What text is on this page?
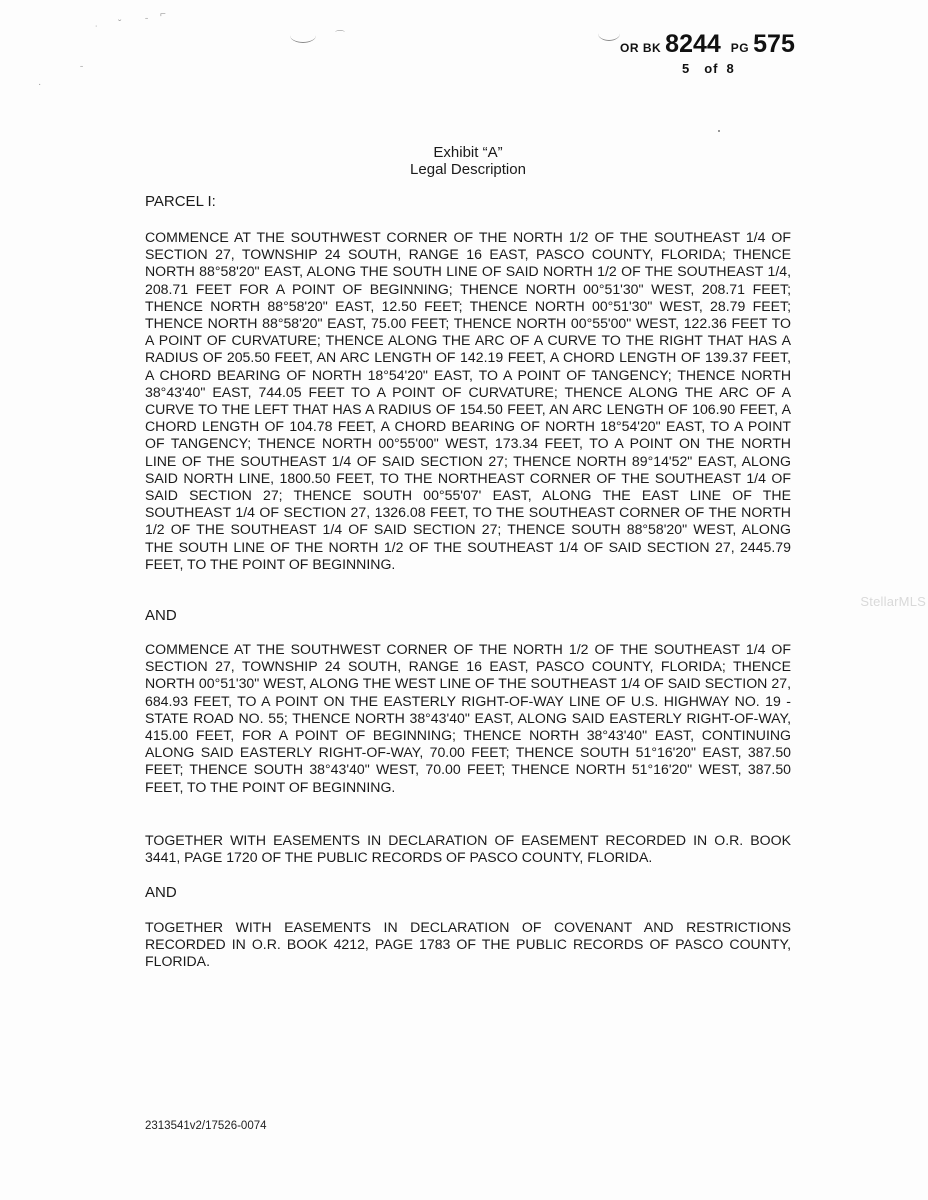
˙
ˇ ˉ
⌐
⌒
ˉ
·
OR BK 8244 PG 575
5 of 8
Exhibit “A”
Legal Description
PARCEL I:
COMMENCE AT THE SOUTHWEST CORNER OF THE NORTH 1/2 OF THE SOUTHEAST 1/4 OF SECTION 27, TOWNSHIP 24 SOUTH, RANGE 16 EAST, PASCO COUNTY, FLORIDA; THENCE NORTH 88°58'20" EAST, ALONG THE SOUTH LINE OF SAID NORTH 1/2 OF THE SOUTHEAST 1/4, 208.71 FEET FOR A POINT OF BEGINNING; THENCE NORTH 00°51'30" WEST, 208.71 FEET; THENCE NORTH 88°58'20" EAST, 12.50 FEET; THENCE NORTH 00°51'30" WEST, 28.79 FEET; THENCE NORTH 88°58'20" EAST, 75.00 FEET; THENCE NORTH 00°55'00" WEST, 122.36 FEET TO A POINT OF CURVATURE; THENCE ALONG THE ARC OF A CURVE TO THE RIGHT THAT HAS A RADIUS OF 205.50 FEET, AN ARC LENGTH OF 142.19 FEET, A CHORD LENGTH OF 139.37 FEET, A CHORD BEARING OF NORTH 18°54'20" EAST, TO A POINT OF TANGENCY; THENCE NORTH 38°43'40" EAST, 744.05 FEET TO A POINT OF CURVATURE; THENCE ALONG THE ARC OF A CURVE TO THE LEFT THAT HAS A RADIUS OF 154.50 FEET, AN ARC LENGTH OF 106.90 FEET, A CHORD LENGTH OF 104.78 FEET, A CHORD BEARING OF NORTH 18°54'20" EAST, TO A POINT OF TANGENCY; THENCE NORTH 00°55'00" WEST, 173.34 FEET, TO A POINT ON THE NORTH LINE OF THE SOUTHEAST 1/4 OF SAID SECTION 27; THENCE NORTH 89°14'52" EAST, ALONG SAID NORTH LINE, 1800.50 FEET, TO THE NORTHEAST CORNER OF THE SOUTHEAST 1/4 OF SAID SECTION 27; THENCE SOUTH 00°55'07' EAST, ALONG THE EAST LINE OF THE SOUTHEAST 1/4 OF SECTION 27, 1326.08 FEET, TO THE SOUTHEAST CORNER OF THE NORTH 1/2 OF THE SOUTHEAST 1/4 OF SAID SECTION 27; THENCE SOUTH 88°58'20" WEST, ALONG THE SOUTH LINE OF THE NORTH 1/2 OF THE SOUTHEAST 1/4 OF SAID SECTION 27, 2445.79 FEET, TO THE POINT OF BEGINNING.
AND
COMMENCE AT THE SOUTHWEST CORNER OF THE NORTH 1/2 OF THE SOUTHEAST 1/4 OF SECTION 27, TOWNSHIP 24 SOUTH, RANGE 16 EAST, PASCO COUNTY, FLORIDA; THENCE NORTH 00°51'30" WEST, ALONG THE WEST LINE OF THE SOUTHEAST 1/4 OF SAID SECTION 27, 684.93 FEET, TO A POINT ON THE EASTERLY RIGHT-OF-WAY LINE OF U.S. HIGHWAY NO. 19 - STATE ROAD NO. 55; THENCE NORTH 38°43'40" EAST, ALONG SAID EASTERLY RIGHT-OF-WAY, 415.00 FEET, FOR A POINT OF BEGINNING; THENCE NORTH 38°43'40" EAST, CONTINUING ALONG SAID EASTERLY RIGHT-OF-WAY, 70.00 FEET; THENCE SOUTH 51°16'20" EAST, 387.50 FEET; THENCE SOUTH 38°43'40" WEST, 70.00 FEET; THENCE NORTH 51°16'20" WEST, 387.50 FEET, TO THE POINT OF BEGINNING.
TOGETHER WITH EASEMENTS IN DECLARATION OF EASEMENT RECORDED IN O.R. BOOK 3441, PAGE 1720 OF THE PUBLIC RECORDS OF PASCO COUNTY, FLORIDA.
AND
TOGETHER WITH EASEMENTS IN DECLARATION OF COVENANT AND RESTRICTIONS RECORDED IN O.R. BOOK 4212, PAGE 1783 OF THE PUBLIC RECORDS OF PASCO COUNTY, FLORIDA.
StellarMLS
2313541v2/17526-0074
